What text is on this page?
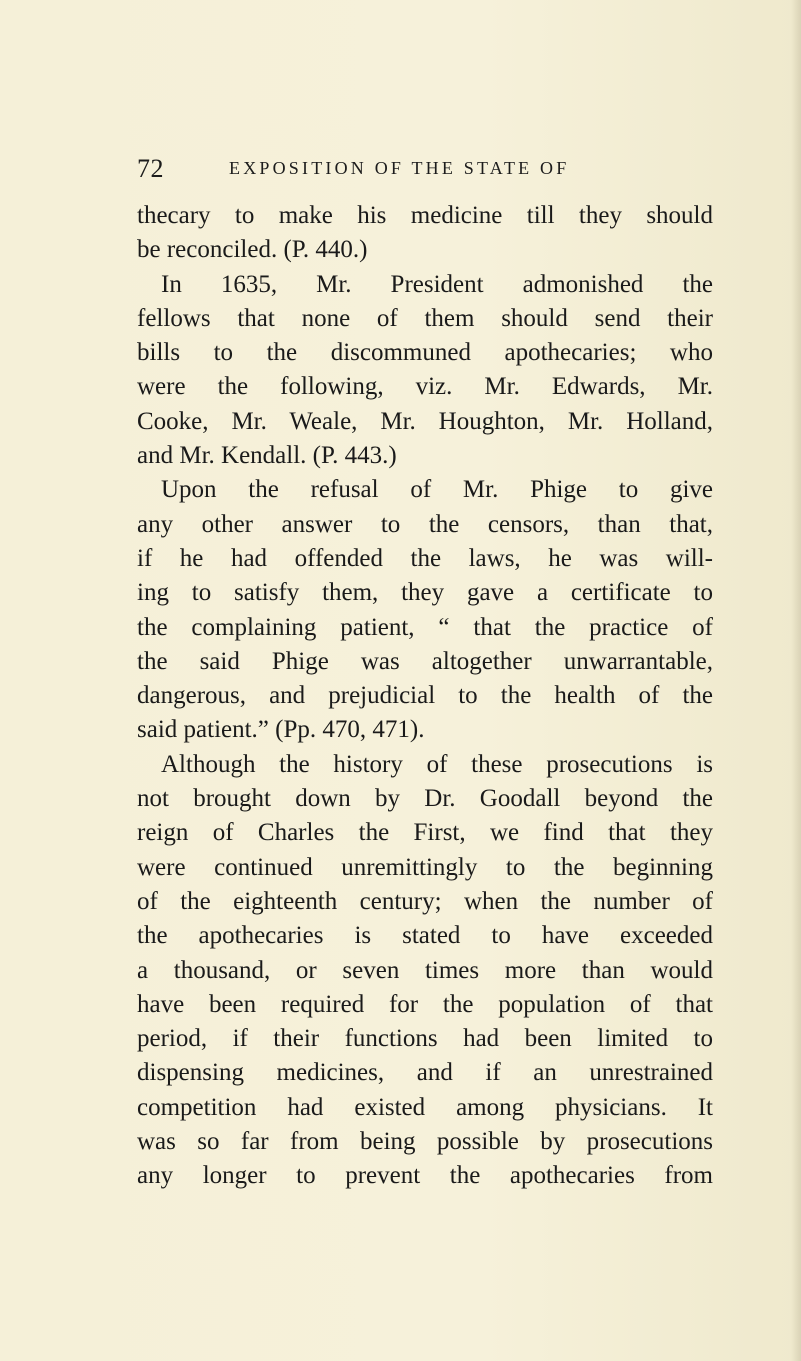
72	EXPOSITION OF THE STATE OF
thecary to make his medicine till they should
be reconciled. (P. 440.)
In 1635, Mr. President admonished the
fellows that none of them should send their
bills to the discommuned apothecaries; who
were the following, viz. Mr. Edwards, Mr.
Cooke, Mr. Weale, Mr. Houghton, Mr. Holland,
and Mr. Kendall. (P. 443.)
Upon the refusal of Mr. Phige to give
any other answer to the censors, than that,
if he had offended the laws, he was will-
ing to satisfy them, they gave a certificate to
the complaining patient, “ that the practice of
the said Phige was altogether unwarrantable,
dangerous, and prejudicial to the health of the
said patient.” (Pp. 470, 471).
Although the history of these prosecutions is
not brought down by Dr. Goodall beyond the
reign of Charles the First, we find that they
were continued unremittingly to the beginning
of the eighteenth century; when the number of
the apothecaries is stated to have exceeded
a thousand, or seven times more than would
have been required for the population of that
period, if their functions had been limited to
dispensing medicines, and if an unrestrained
competition had existed among physicians. It
was so far from being possible by prosecutions
any longer to prevent the apothecaries from
